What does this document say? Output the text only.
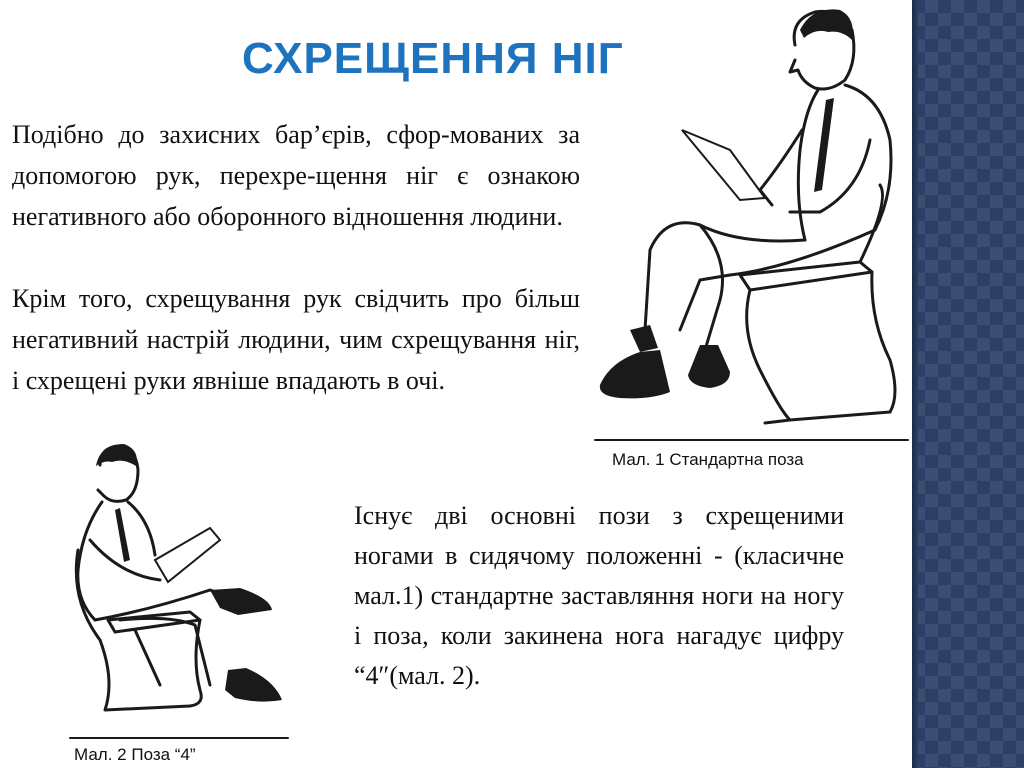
СХРЕЩЕННЯ НІГ

Подібно до захисних бар’єрів, сфор-мованих за допомогою рук, перехре-щення ніг є ознакою негативного або оборонного відношення людини.

Крім того, схрещування рук свідчить про більш негативний настрій людини, чим схрещування ніг, і схрещені руки явніше впадають в очі.

Мал. 1 Стандартна поза
Мал. 2 Поза “4”

Існує дві основні пози з схрещеними ногами в сидячому положенні - (класичне мал.1) стандартне заставляння ноги на ногу і поза, коли закинена нога нагадує цифру “4″(мал. 2).
